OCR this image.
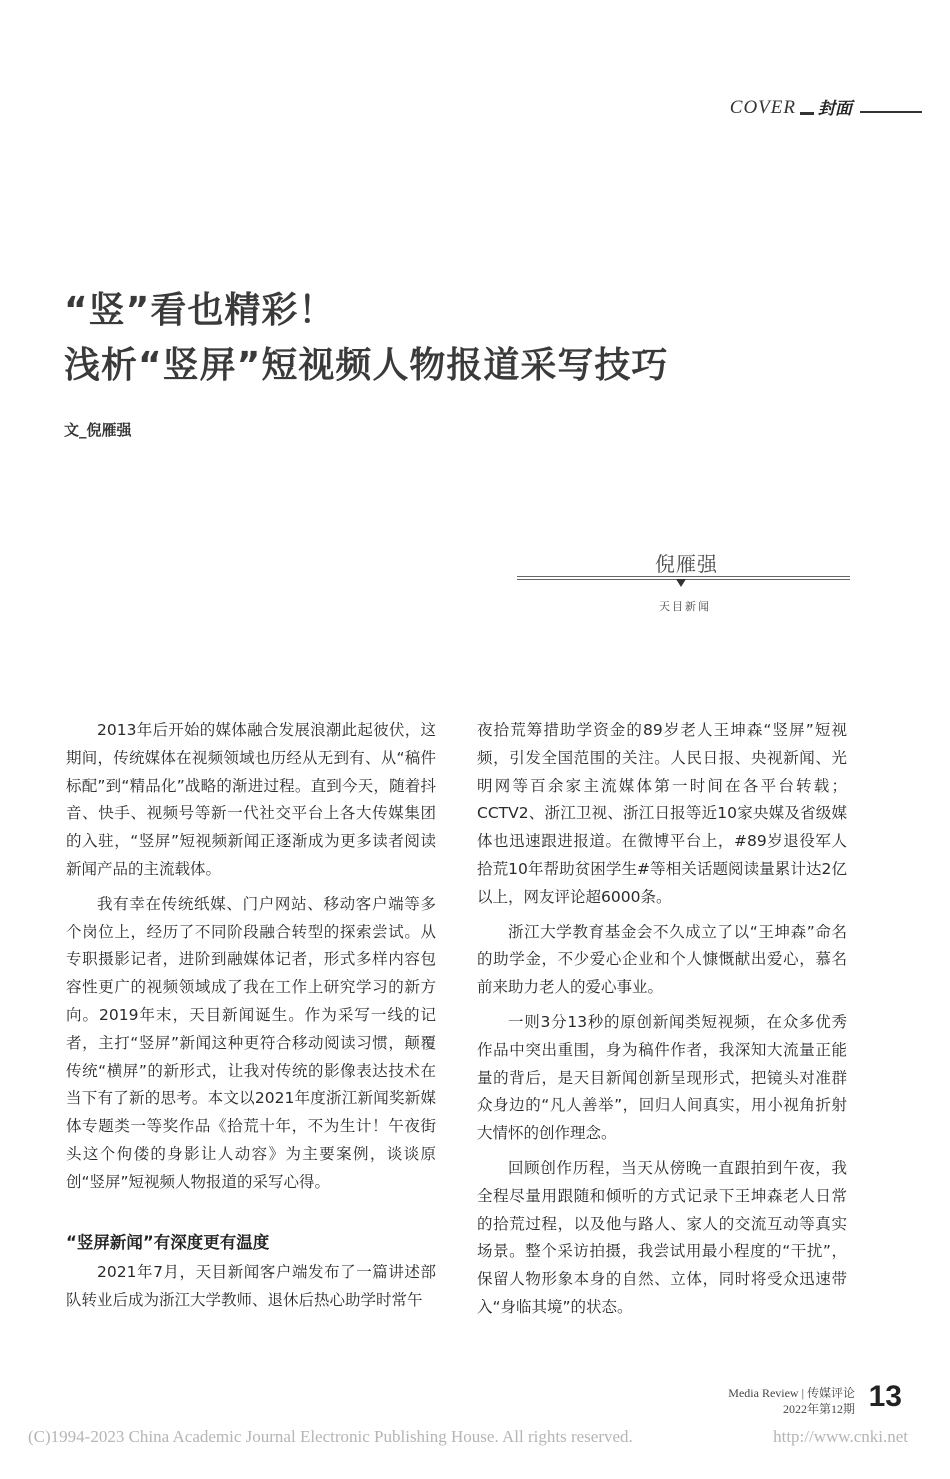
COVER 封面
“竖”看也精彩！
浅析“竖屏”短视频人物报道采写技巧
文_倪雁强
倪雁强
天目新闻

2013年后开始的媒体融合发展浪潮此起彼伏，这期间，传统媒体在视频领域也历经从无到有、从“稿件标配”到“精品化”战略的渐进过程。直到今天，随着抖音、快手、视频号等新一代社交平台上各大传媒集团的入驻，“竖屏”短视频新闻正逐渐成为更多读者阅读新闻产品的主流载体。

我有幸在传统纸媒、门户网站、移动客户端等多个岗位上，经历了不同阶段融合转型的探索尝试。从专职摄影记者，进阶到融媒体记者，形式多样内容包容性更广的视频领域成了我在工作上研究学习的新方向。2019年末，天目新闻诞生。作为采写一线的记者，主打“竖屏”新闻这种更符合移动阅读习惯，颠覆传统“横屏”的新形式，让我对传统的影像表达技术在当下有了新的思考。本文以2021年度浙江新闻奖新媒体专题类一等奖作品《拾荒十年，不为生计！午夜街头这个佝偻的身影让人动容》为主要案例，谈谈原创“竖屏”短视频人物报道的采写心得。

“竖屏新闻”有深度更有温度

2021年7月，天目新闻客户端发布了一篇讲述部队转业后成为浙江大学教师、退休后热心助学时常午

夜拾荒筹措助学资金的89岁老人王坤森“竖屏”短视频，引发全国范围的关注。人民日报、央视新闻、光明网等百余家主流媒体第一时间在各平台转载；CCTV2、浙江卫视、浙江日报等近10家央媒及省级媒体也迅速跟进报道。在微博平台上，#89岁退役军人拾荒10年帮助贫困学生#等相关话题阅读量累计达2亿以上，网友评论超6000条。

浙江大学教育基金会不久成立了以“王坤森”命名的助学金，不少爱心企业和个人慷慨献出爱心，慕名前来助力老人的爱心事业。

一则3分13秒的原创新闻类短视频，在众多优秀作品中突出重围，身为稿件作者，我深知大流量正能量的背后，是天目新闻创新呈现形式，把镜头对准群众身边的“凡人善举”，回归人间真实，用小视角折射大情怀的创作理念。

回顾创作历程，当天从傍晚一直跟拍到午夜，我全程尽量用跟随和倾听的方式记录下王坤森老人日常的拾荒过程，以及他与路人、家人的交流互动等真实场景。整个采访拍摄，我尝试用最小程度的“干扰”，保留人物形象本身的自然、立体，同时将受众迅速带入“身临其境”的状态。

Media Review | 传媒评论
2022年第12期 13
(C)1994-2023 China Academic Journal Electronic Publishing House. All rights reserved.	http://www.cnki.net
